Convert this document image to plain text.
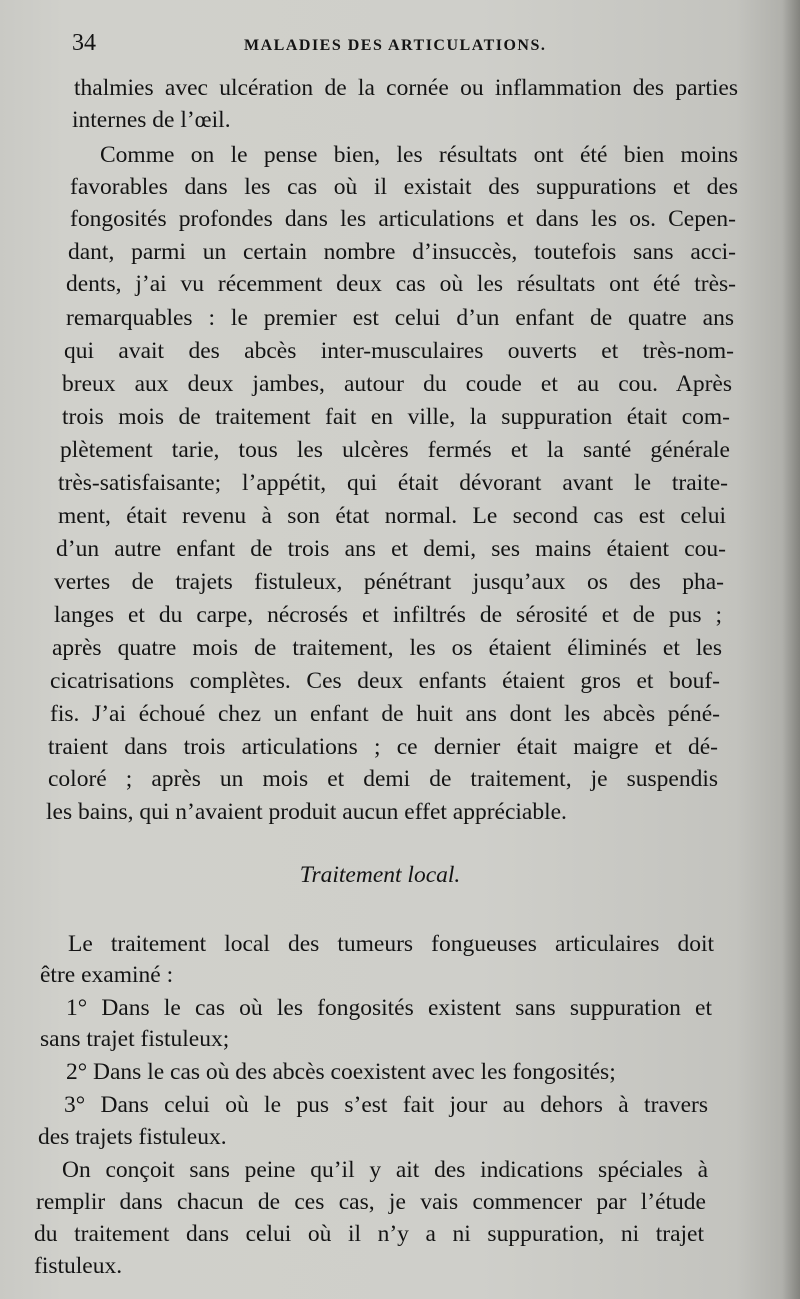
34	MALADIES DES ARTICULATIONS.
thalmies avec ulcération de la cornée ou inflammation des parties
internes de l’œil.
Comme on le pense bien, les résultats ont été bien moins
favorables dans les cas où il existait des suppurations et des
fongosités profondes dans les articulations et dans les os. Cepen-
dant, parmi un certain nombre d’insuccès, toutefois sans acci-
dents, j’ai vu récemment deux cas où les résultats ont été très-
remarquables : le premier est celui d’un enfant de quatre ans
qui avait des abcès inter-musculaires ouverts et très-nom-
breux aux deux jambes, autour du coude et au cou. Après
trois mois de traitement fait en ville, la suppuration était com-
plètement tarie, tous les ulcères fermés et la santé générale
très-satisfaisante; l’appétit, qui était dévorant avant le traite-
ment, était revenu à son état normal. Le second cas est celui
d’un autre enfant de trois ans et demi, ses mains étaient cou-
vertes de trajets fistuleux, pénétrant jusqu’aux os des pha-
langes et du carpe, nécrosés et infiltrés de sérosité et de pus ;
après quatre mois de traitement, les os étaient éliminés et les
cicatrisations complètes. Ces deux enfants étaient gros et bouf-
fis. J’ai échoué chez un enfant de huit ans dont les abcès péné-
traient dans trois articulations ; ce dernier était maigre et dé-
coloré ; après un mois et demi de traitement, je suspendis
les bains, qui n’avaient produit aucun effet appréciable.
Traitement local.
Le traitement local des tumeurs fongueuses articulaires doit
être examiné :
1° Dans le cas où les fongosités existent sans suppuration et
sans trajet fistuleux;
2° Dans le cas où des abcès coexistent avec les fongosités;
3° Dans celui où le pus s’est fait jour au dehors à travers
des trajets fistuleux.
On conçoit sans peine qu’il y ait des indications spéciales à
remplir dans chacun de ces cas, je vais commencer par l’étude
du traitement dans celui où il n’y a ni suppuration, ni trajet
fistuleux.
